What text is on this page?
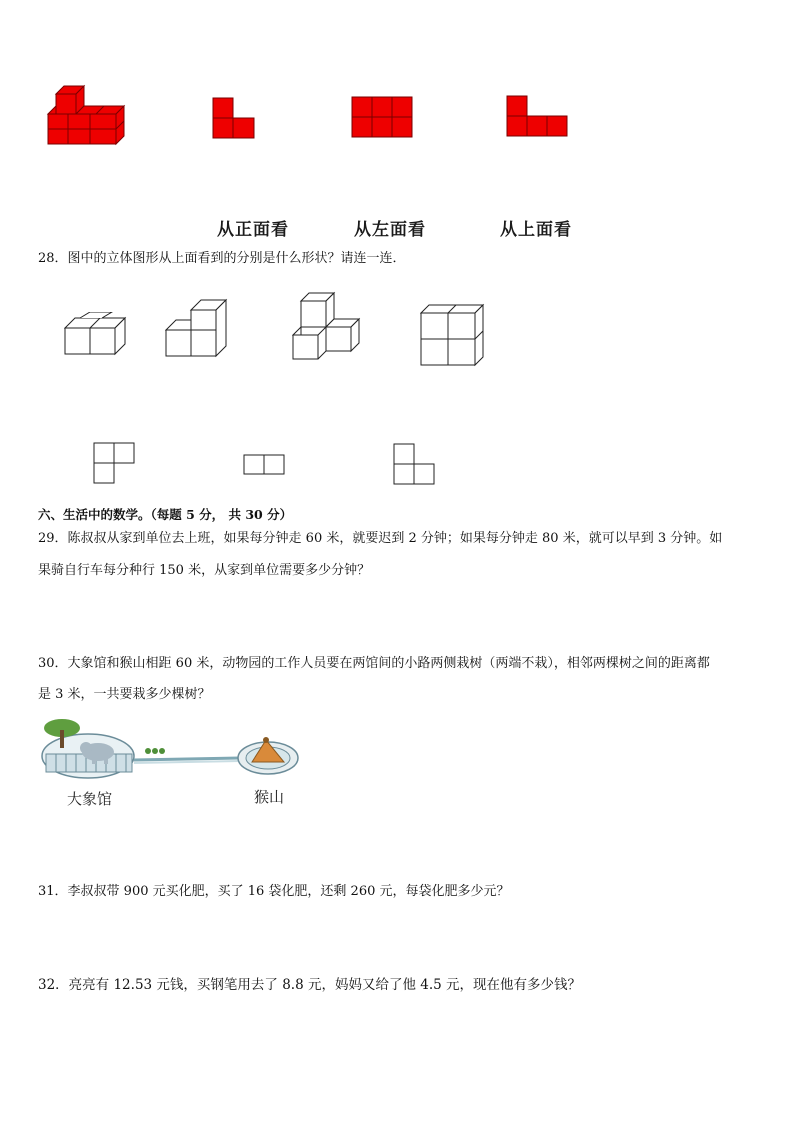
从正面看	从左面看	从上面看
28．图中的立体图形从上面看到的分别是什么形状？请连一连．
六、生活中的数学。（每题 5 分， 共 30 分）
29．陈叔叔从家到单位去上班，如果每分钟走 60 米，就要迟到 2 分钟；如果每分钟走 80 米，就可以早到 3 分钟。如
果骑自行车每分种行 150 米，从家到单位需要多少分钟？
30．大象馆和猴山相距 60 米，动物园的工作人员要在两馆间的小路两侧栽树（两端不栽），相邻两棵树之间的距离都
是 3 米，一共要栽多少棵树？
大象馆	猴山
31．李叔叔带 900 元买化肥，买了 16 袋化肥，还剩 260 元，每袋化肥多少元？
32．亮亮有 12.53 元钱，买钢笔用去了 8.8 元，妈妈又给了他 4.5 元，现在他有多少钱？
